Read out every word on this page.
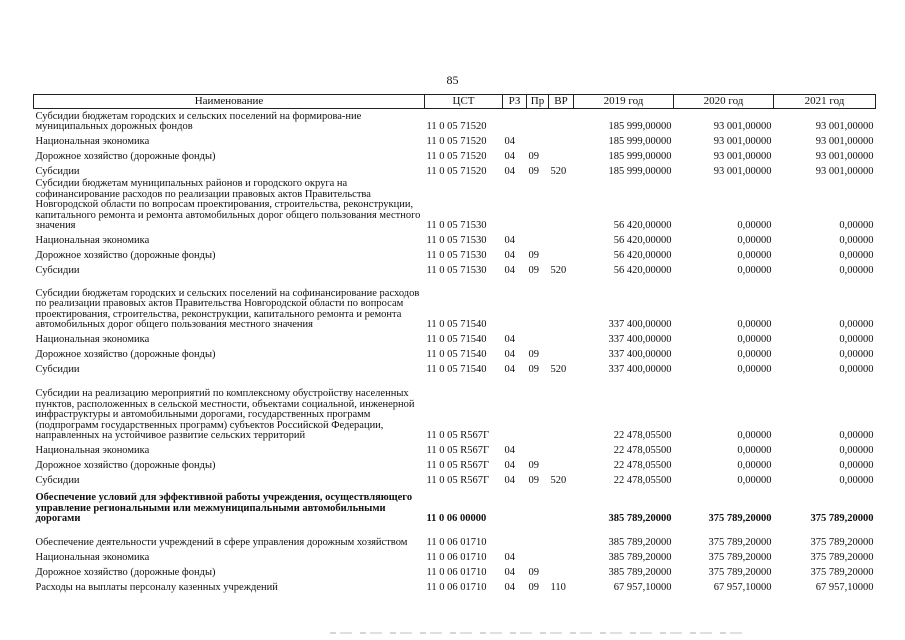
85
Наименование	ЦСТ	РЗ	Пр	ВР	2019 год	2020 год	2021 год
Субсидии бюджетам городских и сельских поселений на формирова-ние муниципальных дорожных фондов	11 0 05 71520				185 999,00000	93 001,00000	93 001,00000
Национальная экономика	11 0 05 71520	04			185 999,00000	93 001,00000	93 001,00000
Дорожное хозяйство (дорожные фонды)	11 0 05 71520	04	09		185 999,00000	93 001,00000	93 001,00000
Субсидии	11 0 05 71520	04	09	520	185 999,00000	93 001,00000	93 001,00000
Субсидии бюджетам муниципальных районов и городского округа на софинансирование расходов по реализации правовых актов Правительства Новгородской области по вопросам проектирования, строительства, реконструкции, капитального ремонта и ремонта автомобильных дорог общего пользования местного значения	11 0 05 71530				56 420,00000	0,00000	0,00000
Национальная экономика	11 0 05 71530	04			56 420,00000	0,00000	0,00000
Дорожное хозяйство (дорожные фонды)	11 0 05 71530	04	09		56 420,00000	0,00000	0,00000
Субсидии	11 0 05 71530	04	09	520	56 420,00000	0,00000	0,00000
Субсидии бюджетам городских и сельских поселений на софинансирование расходов по реализации правовых актов Правительства Новгородской области по вопросам проектирования, строительства, реконструкции, капитального ремонта и ремонта автомобильных дорог общего пользования местного значения	11 0 05 71540				337 400,00000	0,00000	0,00000
Национальная экономика	11 0 05 71540	04			337 400,00000	0,00000	0,00000
Дорожное хозяйство (дорожные фонды)	11 0 05 71540	04	09		337 400,00000	0,00000	0,00000
Субсидии	11 0 05 71540	04	09	520	337 400,00000	0,00000	0,00000
Субсидии на реализацию мероприятий по комплексному обустройству населенных пунктов, расположенных в сельской местности, объектами социальной, инженерной инфраструктуры и автомобильными дорогами, государственных программ (подпрограмм государственных программ) субъектов Российской Федерации, направленных на устойчивое развитие сельских территорий	11 0 05 R567Г				22 478,05500	0,00000	0,00000
Национальная экономика	11 0 05 R567Г	04			22 478,05500	0,00000	0,00000
Дорожное хозяйство (дорожные фонды)	11 0 05 R567Г	04	09		22 478,05500	0,00000	0,00000
Субсидии	11 0 05 R567Г	04	09	520	22 478,05500	0,00000	0,00000
Обеспечение условий для эффективной работы учреждения, осуществляющего управление региональными или межмуниципальными автомобильными дорогами	11 0 06 00000				385 789,20000	375 789,20000	375 789,20000
Обеспечение деятельности учреждений в сфере управления дорожным хозяйством	11 0 06 01710				385 789,20000	375 789,20000	375 789,20000
Национальная экономика	11 0 06 01710	04			385 789,20000	375 789,20000	375 789,20000
Дорожное хозяйство (дорожные фонды)	11 0 06 01710	04	09		385 789,20000	375 789,20000	375 789,20000
Расходы на выплаты персоналу казенных учреждений	11 0 06 01710	04	09	110	67 957,10000	67 957,10000	67 957,10000
